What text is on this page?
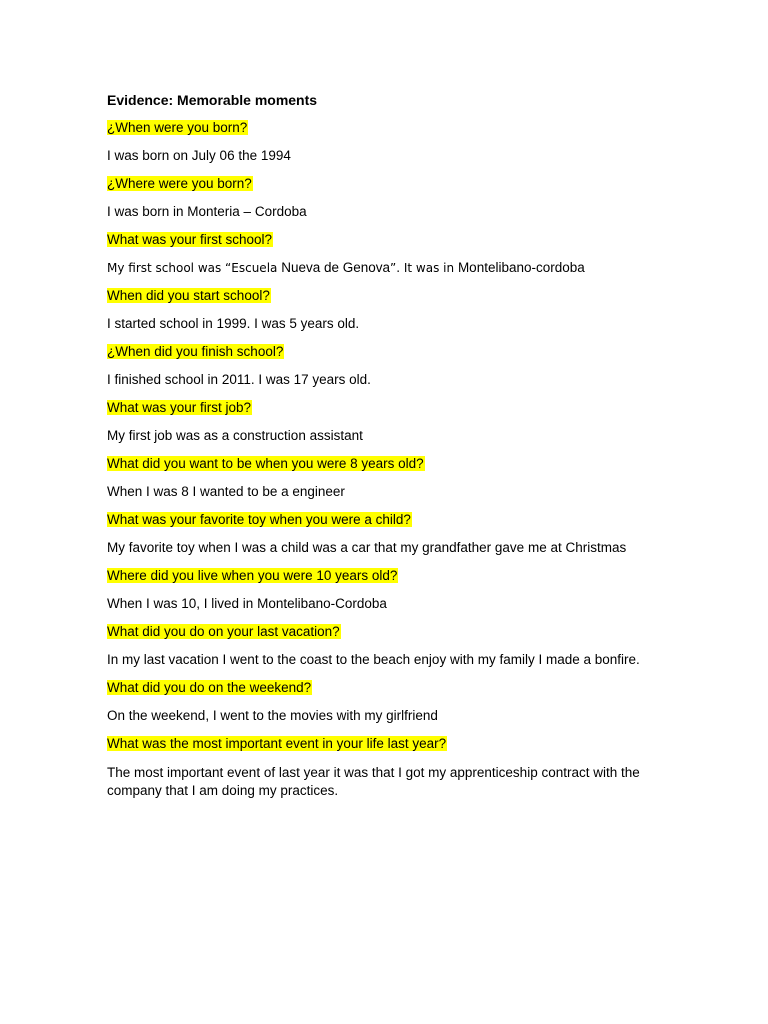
Evidence: Memorable moments

¿When were you born?

I was born on July 06 the 1994

¿Where were you born?

I was born in Monteria – Cordoba

What was your first school?

My first school was “Escuela Nueva de Genova”. It was in Montelibano-cordoba

When did you start school?

I started school in 1999. I was 5 years old.

¿When did you finish school?

I finished school in 2011. I was 17 years old.

What was your first job?

My first job was as a construction assistant

What did you want to be when you were 8 years old?

When I was 8 I wanted to be a engineer

What was your favorite toy when you were a child?

My favorite toy when I was a child was a car that my grandfather gave me at Christmas

Where did you live when you were 10 years old?

When I was 10, I lived in Montelibano-Cordoba

What did you do on your last vacation?

In my last vacation I went to the coast to the beach enjoy with my family I made a bonfire.

What did you do on the weekend?

On the weekend, I went to the movies with my girlfriend

What was the most important event in your life last year?

The most important event of last year it was that I got my apprenticeship contract with the company that I am doing my practices.
